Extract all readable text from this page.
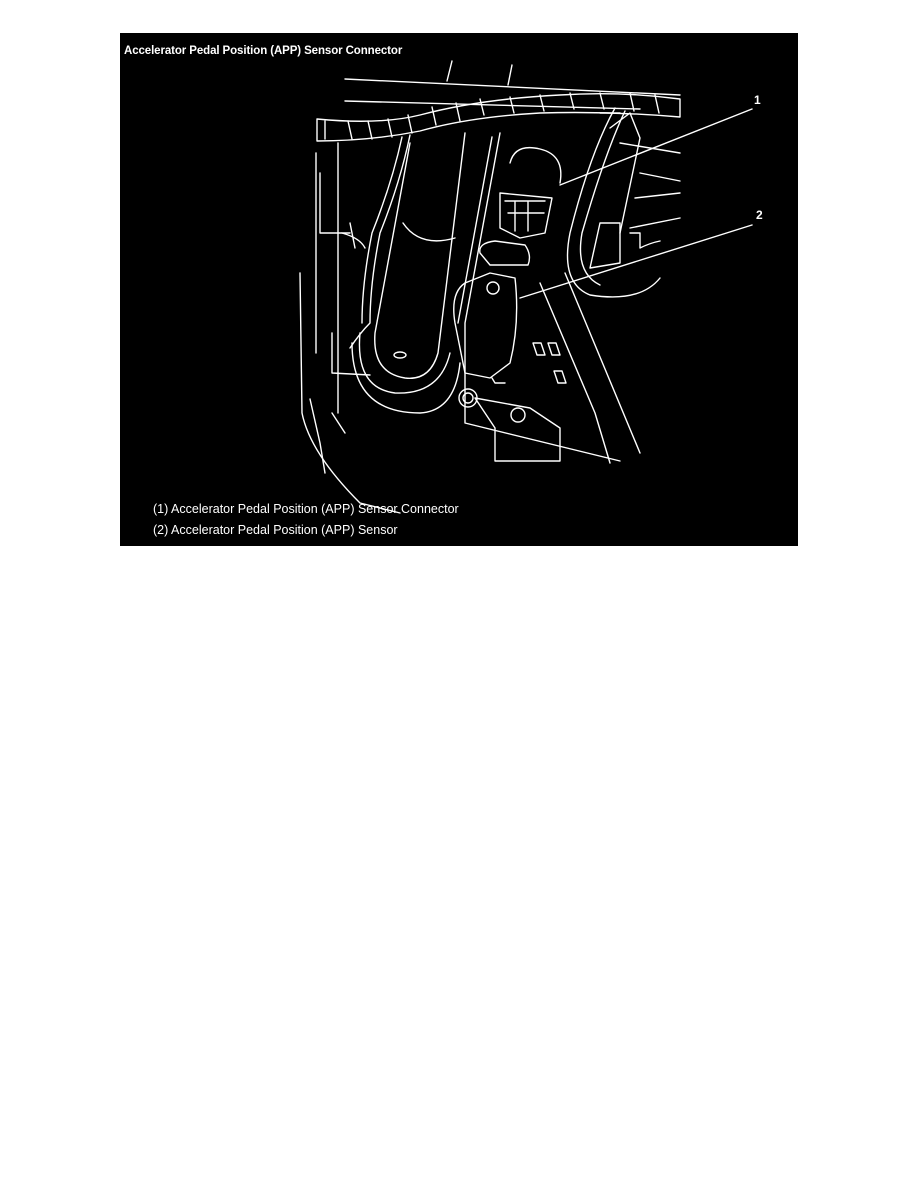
Accelerator Pedal Position (APP) Sensor Connector
1
2
(1) Accelerator Pedal Position (APP) Sensor Connector
(2) Accelerator Pedal Position (APP) Sensor
